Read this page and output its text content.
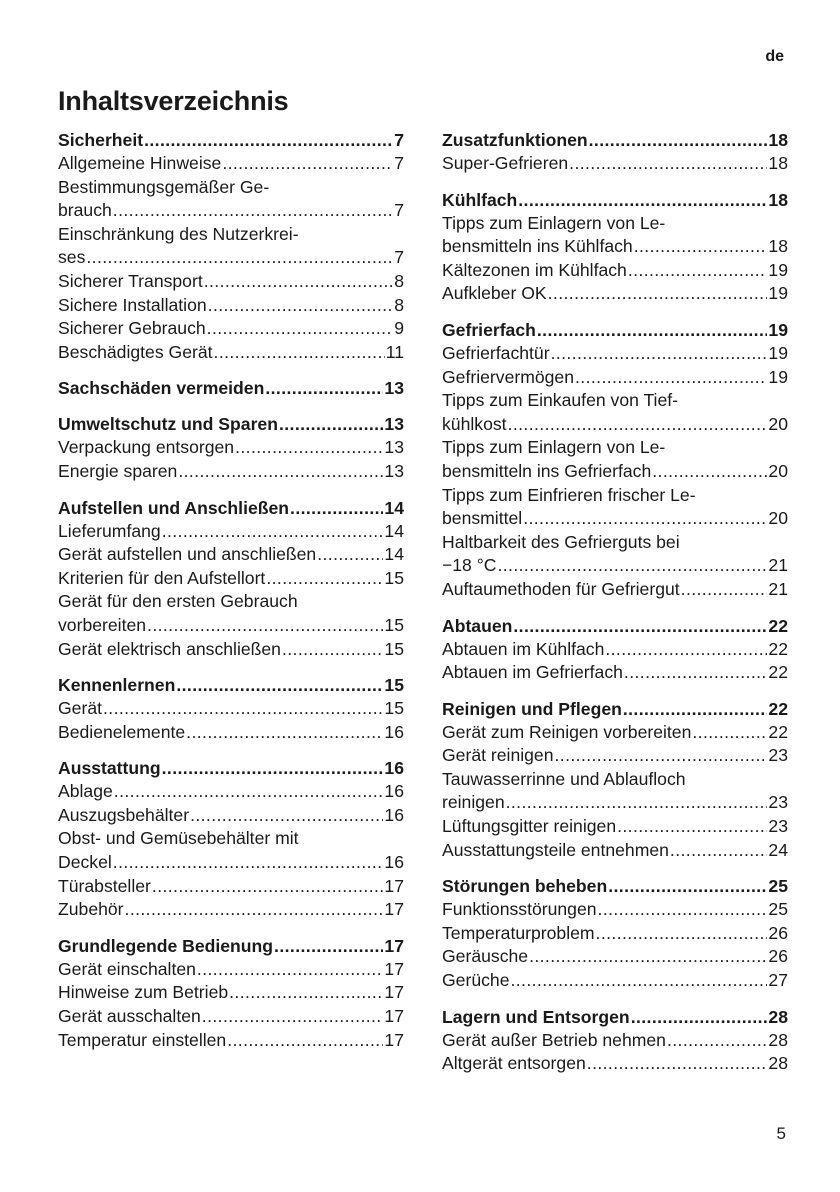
de
Inhaltsverzeichnis
Sicherheit .....	7
Allgemeine Hinweise .....	7
Bestimmungsgemäßer Ge-
brauch .....	7
Einschränkung des Nutzerkrei-
ses .....	7
Sicherer Transport .....	8
Sichere Installation .....	8
Sicherer Gebrauch .....	9
Beschädigtes Gerät .....	11
Sachschäden vermeiden .....	13
Umweltschutz und Sparen .....	13
Verpackung entsorgen .....	13
Energie sparen .....	13
Aufstellen und Anschließen .....	14
Lieferumfang .....	14
Gerät aufstellen und anschließen .....	14
Kriterien für den Aufstellort .....	15
Gerät für den ersten Gebrauch
vorbereiten .....	15
Gerät elektrisch anschließen .....	15
Kennenlernen .....	15
Gerät .....	15
Bedienelemente .....	16
Ausstattung .....	16
Ablage .....	16
Auszugsbehälter .....	16
Obst- und Gemüsebehälter mit
Deckel .....	16
Türabsteller .....	17
Zubehör .....	17
Grundlegende Bedienung .....	17
Gerät einschalten .....	17
Hinweise zum Betrieb .....	17
Gerät ausschalten .....	17
Temperatur einstellen .....	17
Zusatzfunktionen .....	18
Super-Gefrieren .....	18
Kühlfach .....	18
Tipps zum Einlagern von Le-
bensmitteln ins Kühlfach .....	18
Kältezonen im Kühlfach .....	19
Aufkleber OK .....	19
Gefrierfach .....	19
Gefrierfachtür .....	19
Gefriervermögen .....	19
Tipps zum Einkaufen von Tief-
kühlkost .....	20
Tipps zum Einlagern von Le-
bensmitteln ins Gefrierfach .....	20
Tipps zum Einfrieren frischer Le-
bensmittel .....	20
Haltbarkeit des Gefrierguts bei
−18 °C .....	21
Auftaumethoden für Gefriergut .....	21
Abtauen .....	22
Abtauen im Kühlfach .....	22
Abtauen im Gefrierfach .....	22
Reinigen und Pflegen .....	22
Gerät zum Reinigen vorbereiten .....	22
Gerät reinigen .....	23
Tauwasserrinne und Ablaufloch
reinigen .....	23
Lüftungsgitter reinigen .....	23
Ausstattungsteile entnehmen .....	24
Störungen beheben .....	25
Funktionsstörungen .....	25
Temperaturproblem .....	26
Geräusche .....	26
Gerüche .....	27
Lagern und Entsorgen .....	28
Gerät außer Betrieb nehmen .....	28
Altgerät entsorgen .....	28
5
